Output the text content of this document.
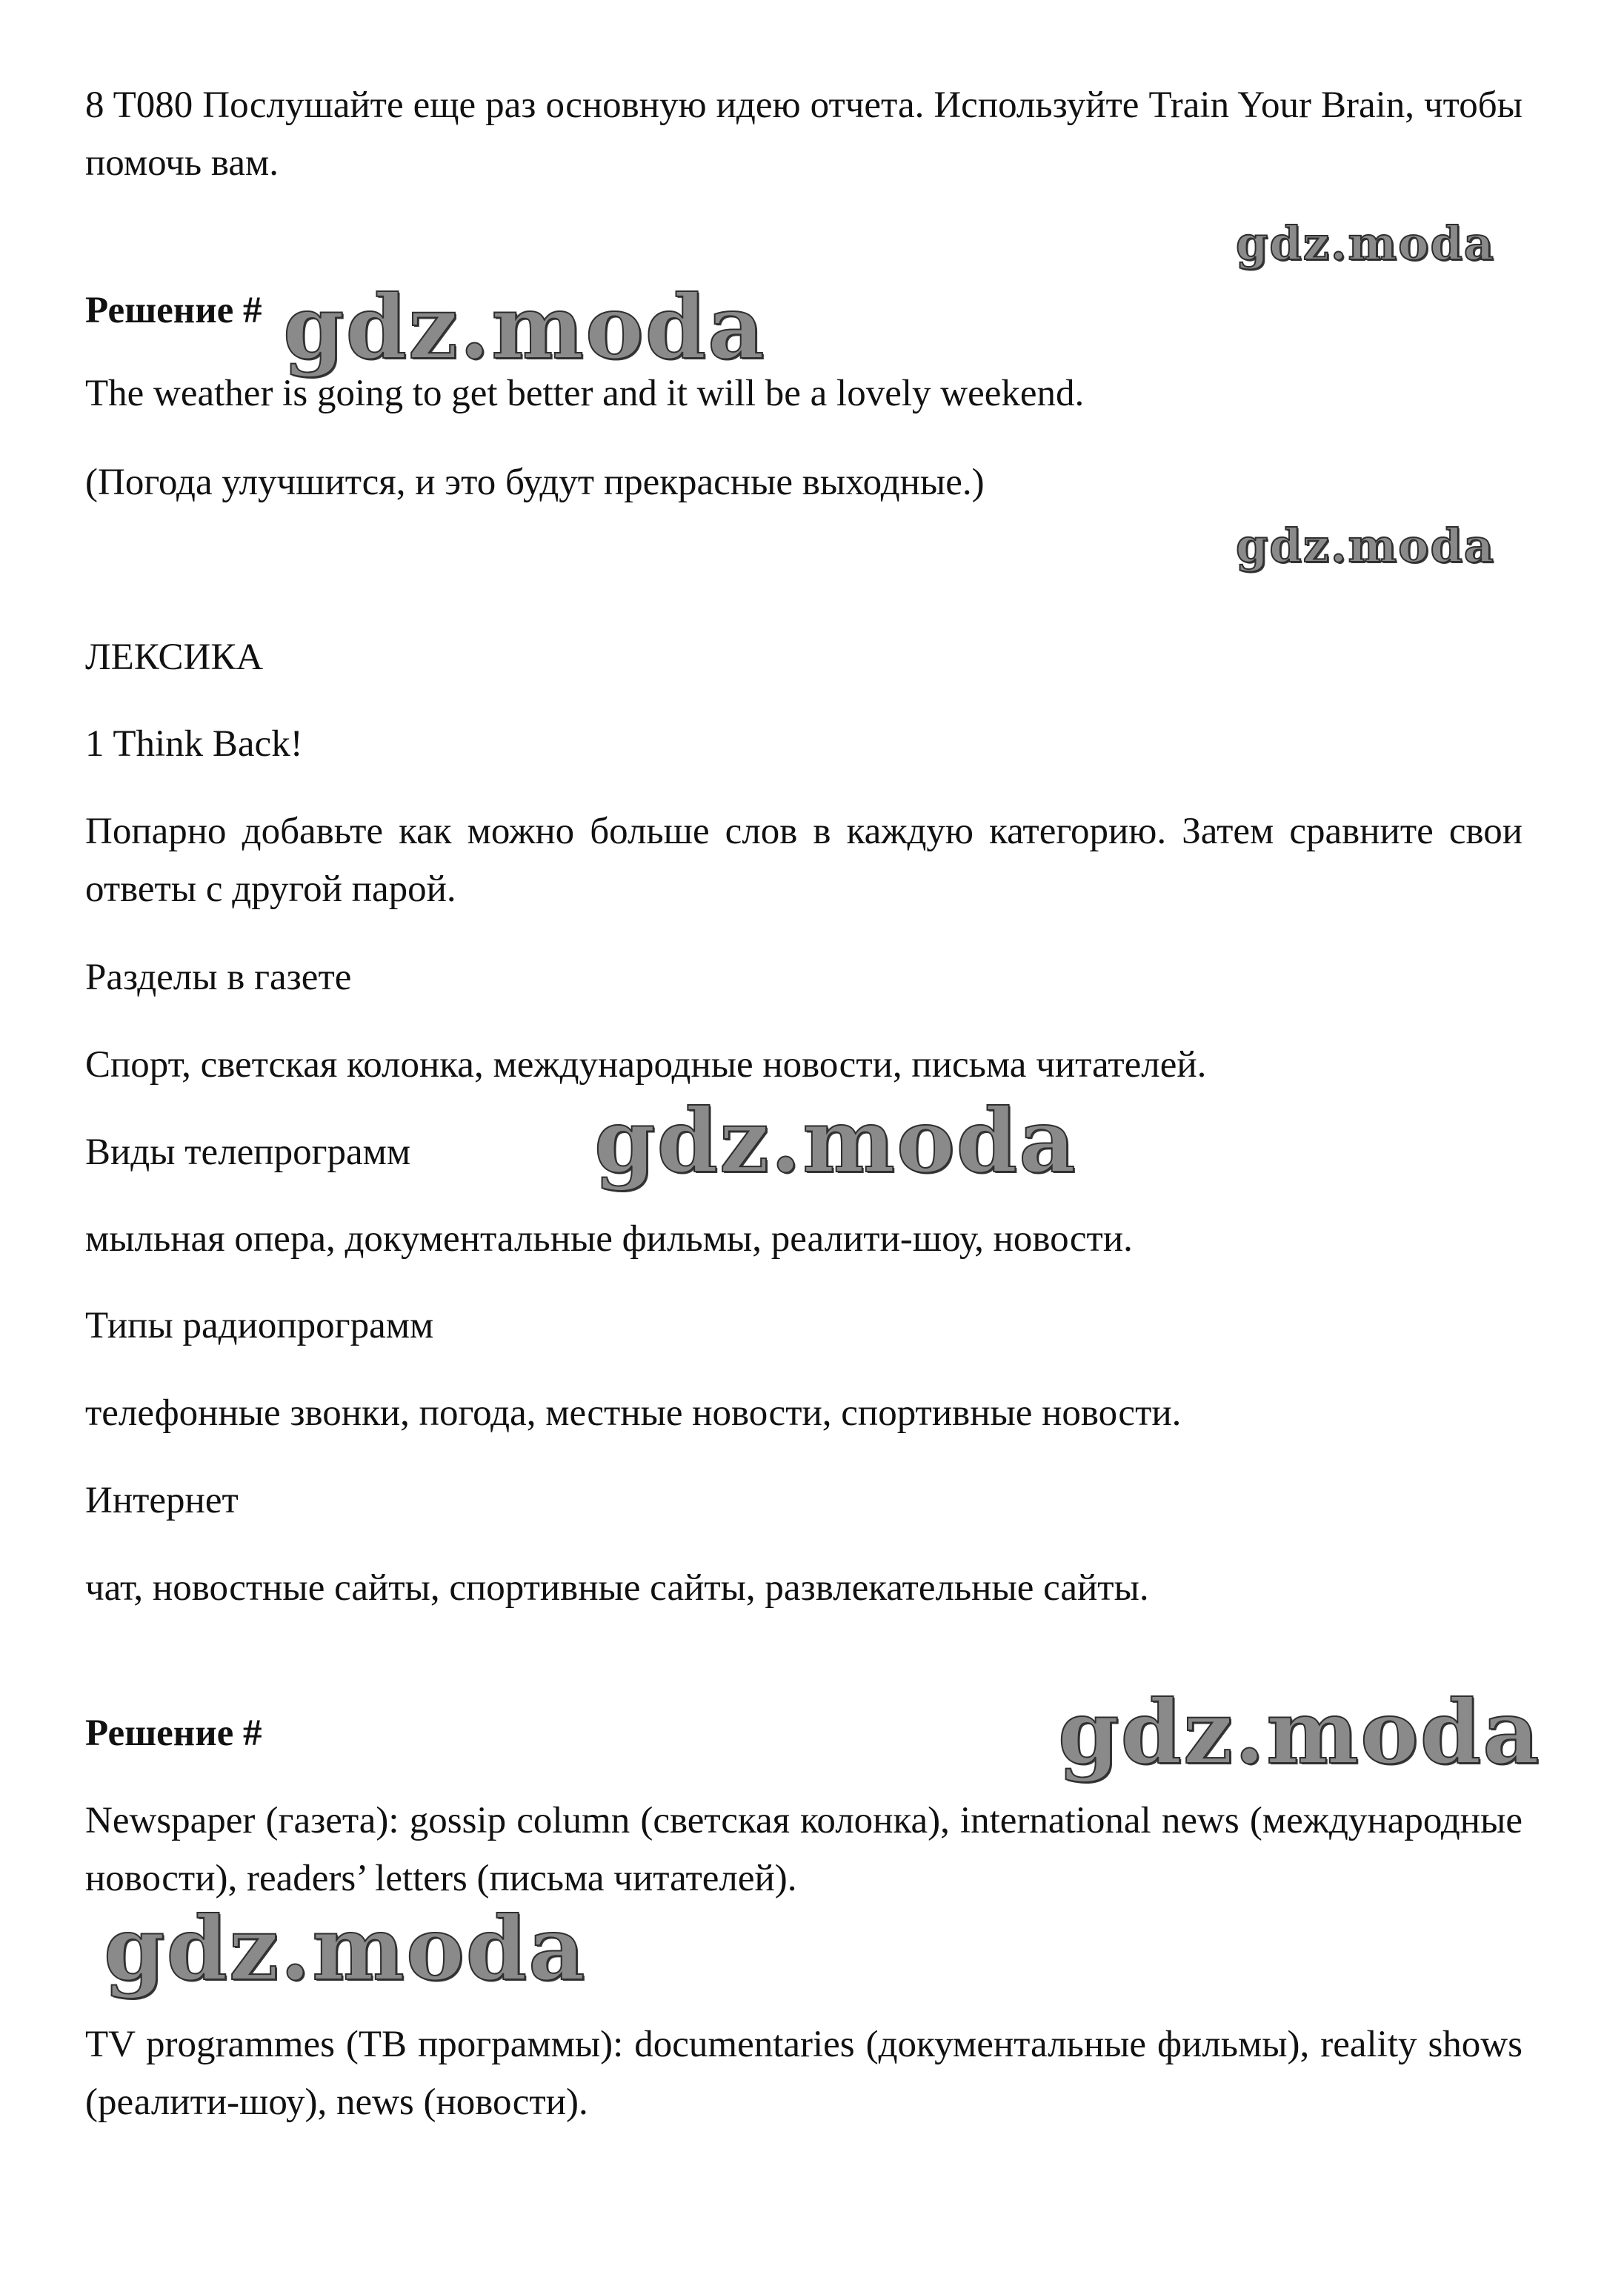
8 T080 Послушайте еще раз основную идею отчета. Используйте Train Your Brain, чтобы помочь вам.

gdz.moda

Решение # gdz.moda

The weather is going to get better and it will be a lovely weekend.

(Погода улучшится, и это будут прекрасные выходные.)

gdz.moda

ЛЕКСИКА

1 Think Back!

Попарно добавьте как можно больше слов в каждую категорию. Затем сравните свои ответы с другой парой.

Разделы в газете

Спорт, светская колонка, международные новости, письма читателей.

Виды телепрограмм	gdz.moda

мыльная опера, документальные фильмы, реалити-шоу, новости.

Типы радиопрограмм

телефонные звонки, погода, местные новости, спортивные новости.

Интернет

чат, новостные сайты, спортивные сайты, развлекательные сайты.

Решение #	gdz.moda

Newspaper (газета): gossip column (светская колонка), international news (международные новости), readers’ letters (письма читателей).

gdz.moda

TV programmes (ТВ программы): documentaries (документальные фильмы), reality shows (реалити-шоу), news (новости).
